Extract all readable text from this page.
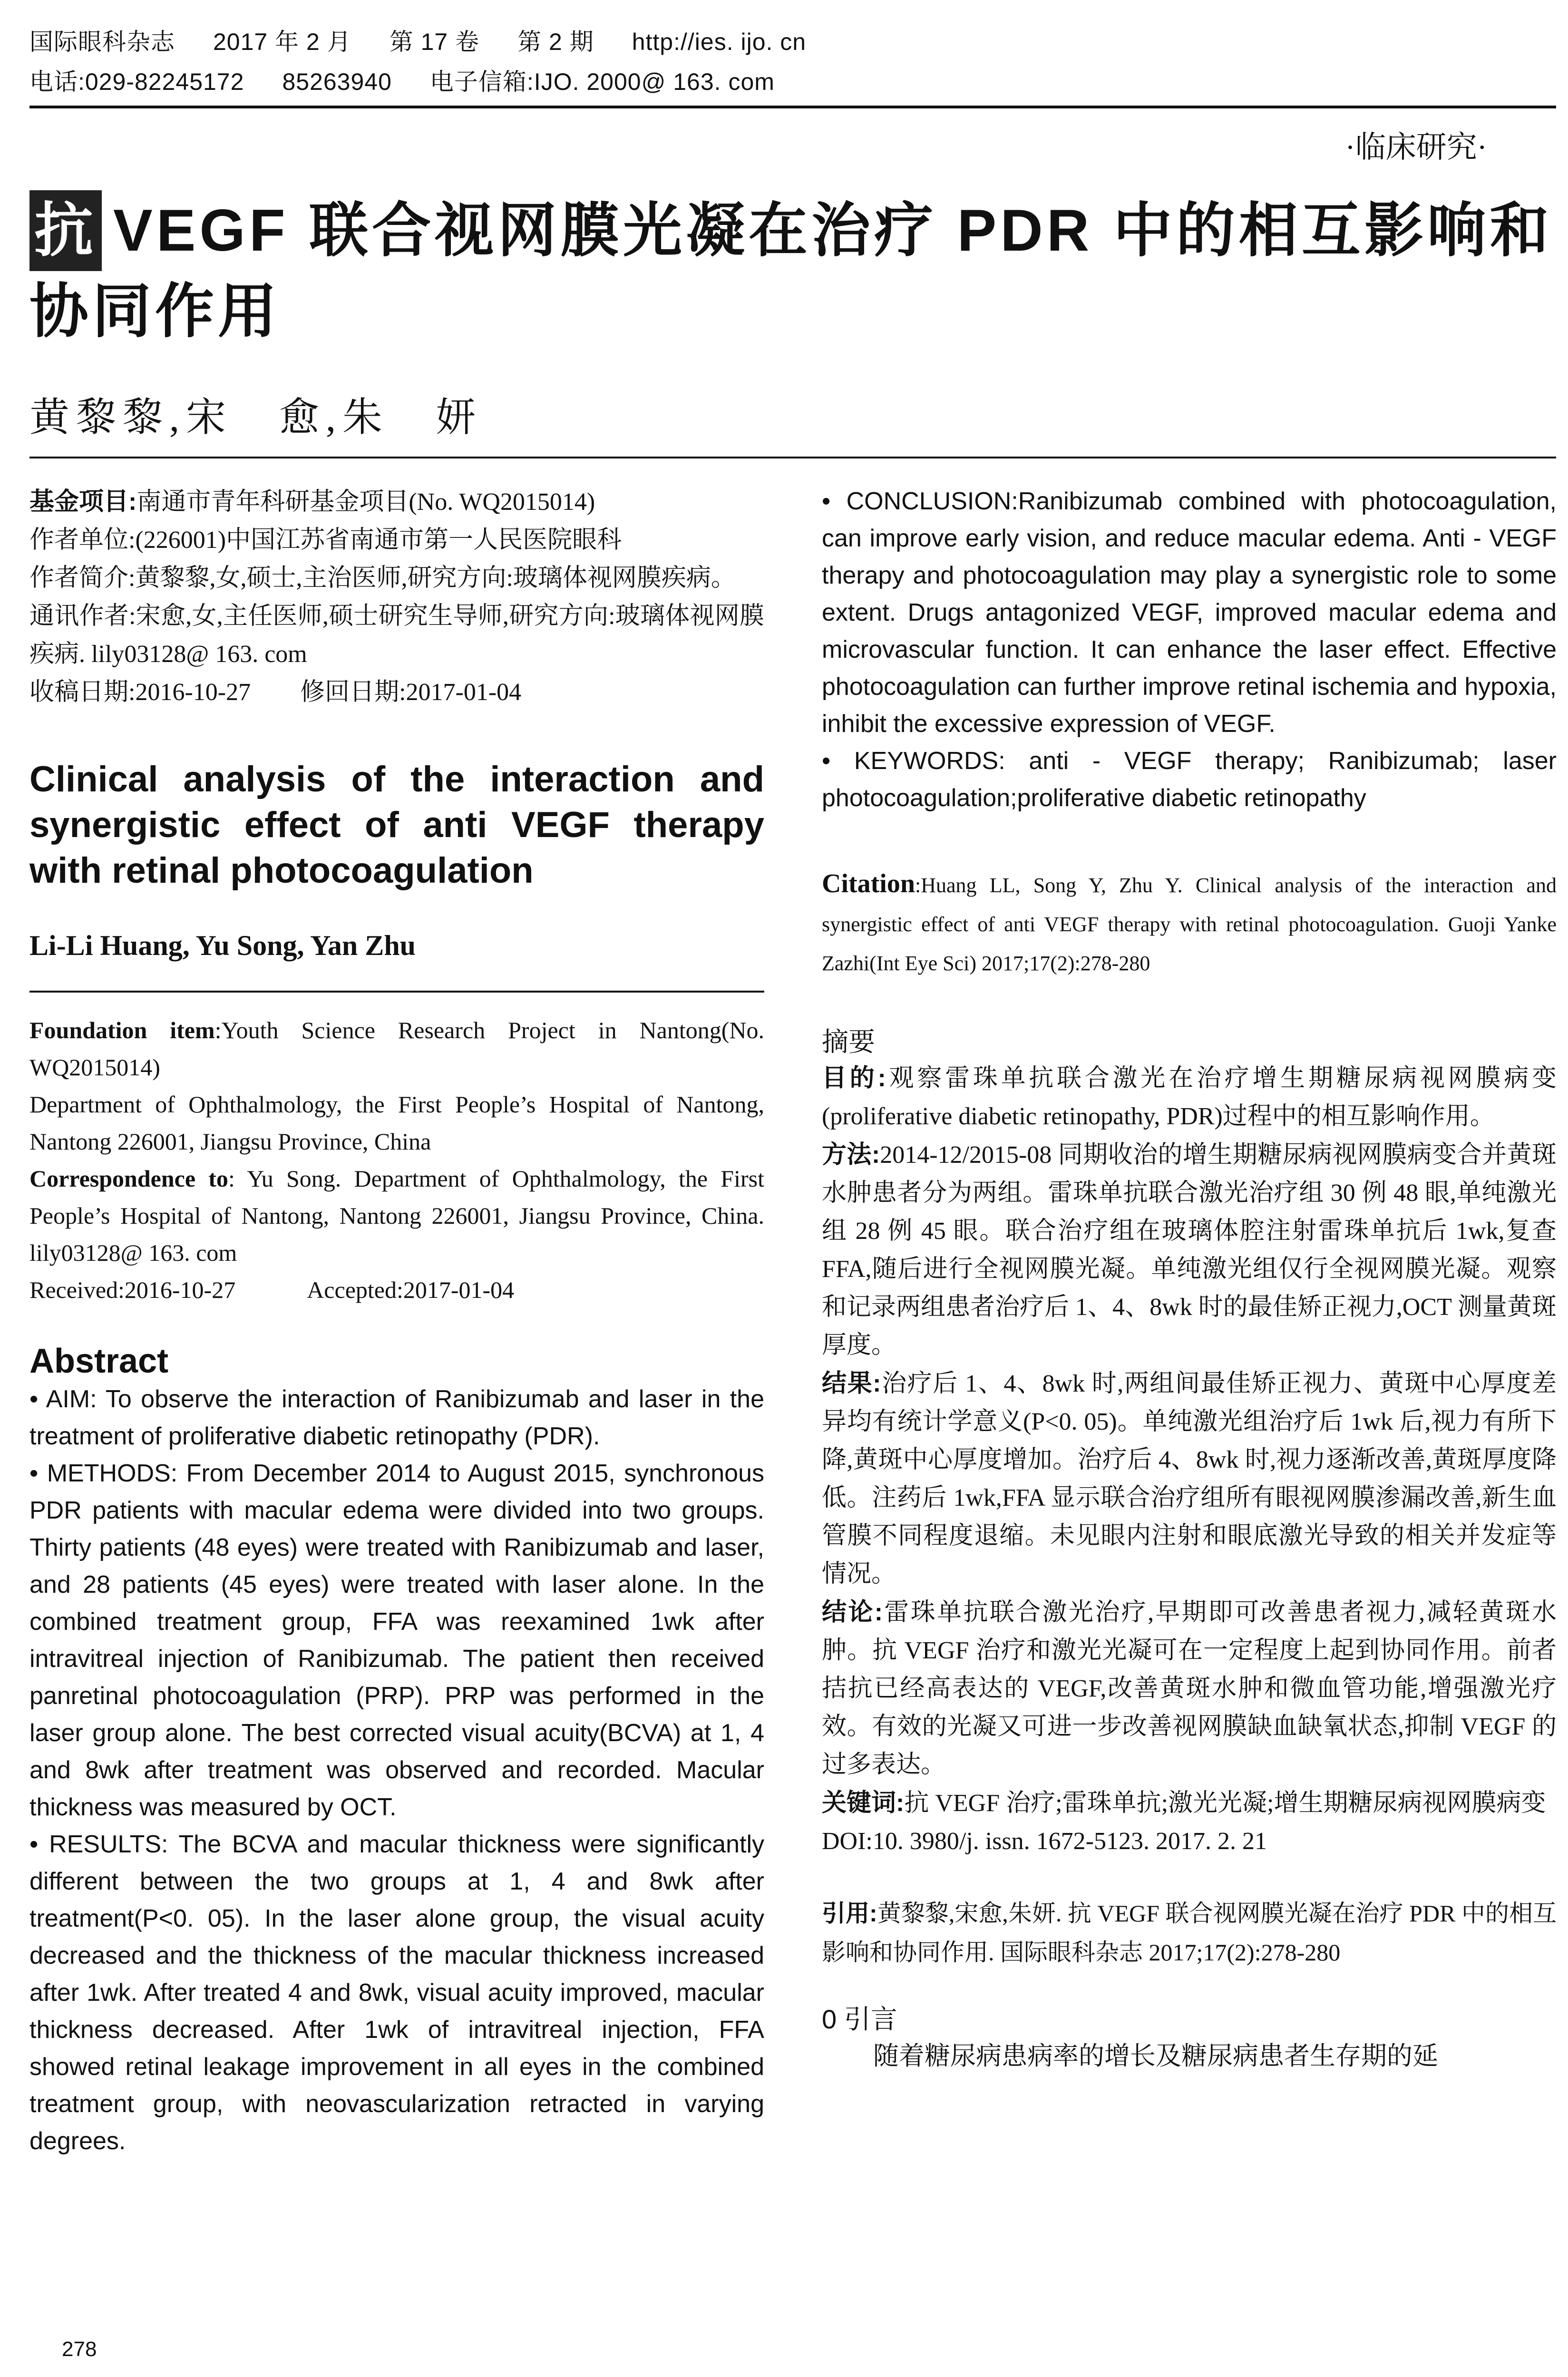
国际眼科杂志 2017 年 2 月 第 17 卷 第 2 期 http://ies. ijo. cn
电话:029-82245172 85263940 电子信箱:IJO. 2000@ 163. com
·临床研究·
抗 VEGF 联合视网膜光凝在治疗 PDR 中的相互影响和协同作用
黄黎黎,宋　愈,朱　妍
基金项目:南通市青年科研基金项目(No. WQ2015014)
作者单位:(226001)中国江苏省南通市第一人民医院眼科
作者简介:黄黎黎,女,硕士,主治医师,研究方向:玻璃体视网膜疾病。
通讯作者:宋愈,女,主任医师,硕士研究生导师,研究方向:玻璃体视网膜疾病. lily03128@ 163. com
收稿日期:2016-10-27　　修回日期:2017-01-04
Clinical analysis of the interaction and synergistic effect of anti VEGF therapy with retinal photocoagulation
Li-Li Huang, Yu Song, Yan Zhu
Foundation item:Youth Science Research Project in Nantong(No. WQ2015014)
Department of Ophthalmology, the First People’s Hospital of Nantong, Nantong 226001, Jiangsu Province, China
Correspondence to: Yu Song. Department of Ophthalmology, the First People’s Hospital of Nantong, Nantong 226001, Jiangsu Province, China. lily03128@ 163. com
Received:2016-10-27　　　Accepted:2017-01-04
Abstract
• AIM: To observe the interaction of Ranibizumab and laser in the treatment of proliferative diabetic retinopathy (PDR).
• METHODS: From December 2014 to August 2015, synchronous PDR patients with macular edema were divided into two groups. Thirty patients (48 eyes) were treated with Ranibizumab and laser, and 28 patients (45 eyes) were treated with laser alone. In the combined treatment group, FFA was reexamined 1wk after intravitreal injection of Ranibizumab. The patient then received panretinal photocoagulation (PRP). PRP was performed in the laser group alone. The best corrected visual acuity(BCVA) at 1, 4 and 8wk after treatment was observed and recorded. Macular thickness was measured by OCT.
• RESULTS: The BCVA and macular thickness were significantly different between the two groups at 1, 4 and 8wk after treatment(P<0. 05). In the laser alone group, the visual acuity decreased and the thickness of the macular thickness increased after 1wk. After treated 4 and 8wk, visual acuity improved, macular thickness decreased. After 1wk of intravitreal injection, FFA showed retinal leakage improvement in all eyes in the combined treatment group, with neovascularization retracted in varying degrees.
• CONCLUSION:Ranibizumab combined with photocoagulation, can improve early vision, and reduce macular edema. Anti - VEGF therapy and photocoagulation may play a synergistic role to some extent. Drugs antagonized VEGF, improved macular edema and microvascular function. It can enhance the laser effect. Effective photocoagulation can further improve retinal ischemia and hypoxia, inhibit the excessive expression of VEGF.
• KEYWORDS: anti - VEGF therapy; Ranibizumab; laser photocoagulation;proliferative diabetic retinopathy
Citation:Huang LL, Song Y, Zhu Y. Clinical analysis of the interaction and synergistic effect of anti VEGF therapy with retinal photocoagulation. Guoji Yanke Zazhi(Int Eye Sci) 2017;17(2):278-280
摘要
目的:观察雷珠单抗联合激光在治疗增生期糖尿病视网膜病变(proliferative diabetic retinopathy, PDR)过程中的相互影响作用。
方法:2014-12/2015-08 同期收治的增生期糖尿病视网膜病变合并黄斑水肿患者分为两组。雷珠单抗联合激光治疗组 30 例 48 眼,单纯激光组 28 例 45 眼。联合治疗组在玻璃体腔注射雷珠单抗后 1wk,复查 FFA,随后进行全视网膜光凝。单纯激光组仅行全视网膜光凝。观察和记录两组患者治疗后 1、4、8wk 时的最佳矫正视力,OCT 测量黄斑厚度。
结果:治疗后 1、4、8wk 时,两组间最佳矫正视力、黄斑中心厚度差异均有统计学意义(P<0. 05)。单纯激光组治疗后 1wk 后,视力有所下降,黄斑中心厚度增加。治疗后 4、8wk 时,视力逐渐改善,黄斑厚度降低。注药后 1wk,FFA 显示联合治疗组所有眼视网膜渗漏改善,新生血管膜不同程度退缩。未见眼内注射和眼底激光导致的相关并发症等情况。
结论:雷珠单抗联合激光治疗,早期即可改善患者视力,减轻黄斑水肿。抗 VEGF 治疗和激光光凝可在一定程度上起到协同作用。前者拮抗已经高表达的 VEGF,改善黄斑水肿和微血管功能,增强激光疗效。有效的光凝又可进一步改善视网膜缺血缺氧状态,抑制 VEGF 的过多表达。
关键词:抗 VEGF 治疗;雷珠单抗;激光光凝;增生期糖尿病视网膜病变
DOI:10. 3980/j. issn. 1672-5123. 2017. 2. 21
引用:黄黎黎,宋愈,朱妍. 抗 VEGF 联合视网膜光凝在治疗 PDR 中的相互影响和协同作用. 国际眼科杂志 2017;17(2):278-280
0 引言
随着糖尿病患病率的增长及糖尿病患者生存期的延
278
